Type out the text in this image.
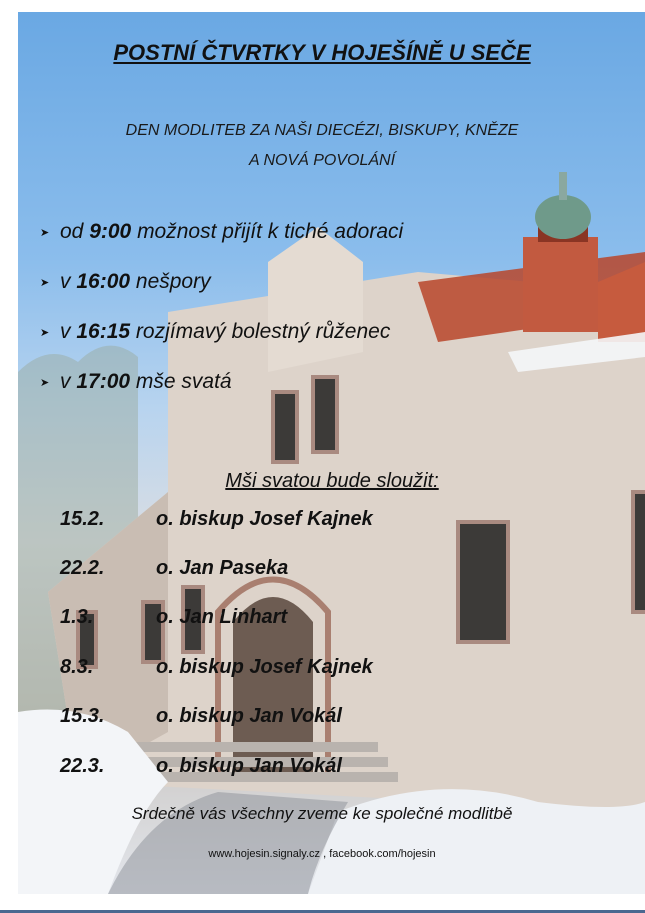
POSTNÍ ČTVRTKY V HOJEŠÍNĚ U SEČE
DEN MODLITEB ZA NAŠI DIECÉZI, BISKUPY, KNĚZE
A NOVÁ POVOLÁNÍ
➤ od 9:00 možnost přijít k tiché adoraci
➤ v 16:00 nešpory
➤ v 16:15 rozjímavý bolestný růženec
➤ v 17:00 mše svatá
Mši svatou bude sloužit:
15.2.	o. biskup Josef Kajnek
22.2.	o. Jan Paseka
1.3.	o. Jan Linhart
8.3.	o. biskup Josef Kajnek
15.3.	o. biskup Jan Vokál
22.3.	o. biskup Jan Vokál
Srdečně vás všechny zveme ke společné modlitbě
www.hojesin.signaly.cz , facebook.com/hojesin
